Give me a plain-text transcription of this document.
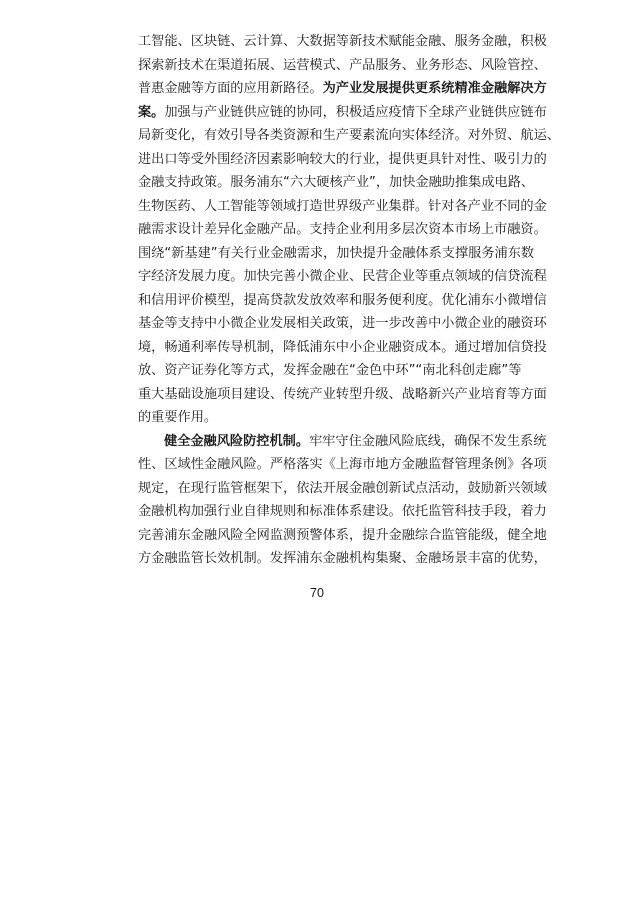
工智能、区块链、云计算、大数据等新技术赋能金融、服务金融，积极
探索新技术在渠道拓展、运营模式、产品服务、业务形态、风险管控、
普惠金融等方面的应用新路径。为产业发展提供更系统精准金融解决方
案。加强与产业链供应链的协同，积极适应疫情下全球产业链供应链布
局新变化，有效引导各类资源和生产要素流向实体经济。对外贸、航运、
进出口等受外围经济因素影响较大的行业，提供更具针对性、吸引力的
金融支持政策。服务浦东“六大硬核产业”，加快金融助推集成电路、
生物医药、人工智能等领域打造世界级产业集群。针对各产业不同的金
融需求设计差异化金融产品。支持企业利用多层次资本市场上市融资。
围绕“新基建”有关行业金融需求，加快提升金融体系支撑服务浦东数
字经济发展力度。加快完善小微企业、民营企业等重点领域的信贷流程
和信用评价模型，提高贷款发放效率和服务便利度。优化浦东小微增信
基金等支持中小微企业发展相关政策，进一步改善中小微企业的融资环
境，畅通利率传导机制，降低浦东中小企业融资成本。通过增加信贷投
放、资产证券化等方式，发挥金融在“金色中环”“南北科创走廊”等
重大基础设施项目建设、传统产业转型升级、战略新兴产业培育等方面
的重要作用。
健全金融风险防控机制。牢牢守住金融风险底线，确保不发生系统
性、区域性金融风险。严格落实《上海市地方金融监督管理条例》各项
规定，在现行监管框架下，依法开展金融创新试点活动，鼓励新兴领域
金融机构加强行业自律规则和标准体系建设。依托监管科技手段，着力
完善浦东金融风险全网监测预警体系，提升金融综合监管能级，健全地
方金融监管长效机制。发挥浦东金融机构集聚、金融场景丰富的优势，
70
